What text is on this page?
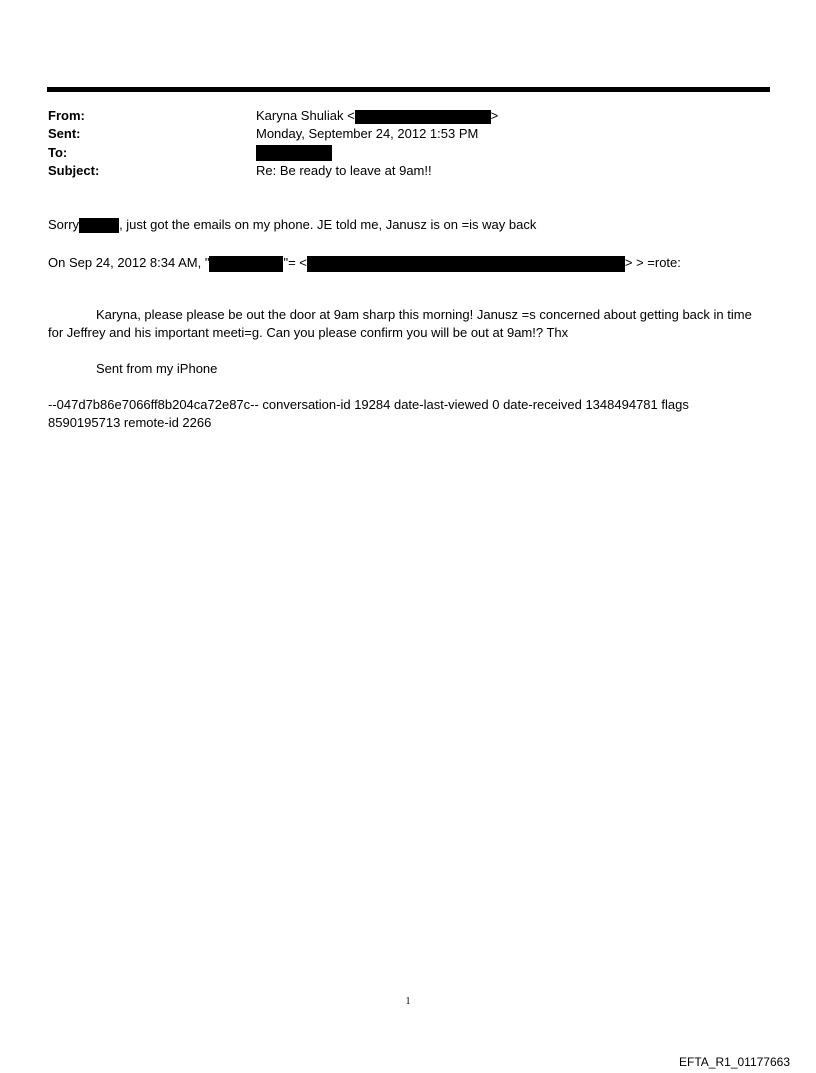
From:	Karyna Shuliak <	>
Sent:	Monday, September 24, 2012 1:53 PM
To:
Subject:	Re: Be ready to leave at 9am!!
Sorry	, just got the emails on my phone. JE told me, Janusz is on =is way back
On Sep 24, 2012 8:34 AM, "	"= <	> > =rote:
Karyna, please please be out the door at 9am sharp this morning! Janusz =s concerned about getting back in time for Jeffrey and his important meeti=g. Can you please confirm you will be out at 9am!? Thx
Sent from my iPhone
--047d7b86e7066ff8b204ca72e87c-- conversation-id 19284 date-last-viewed 0 date-received 1348494781 flags
8590195713 remote-id 2266
1
EFTA_R1_01177663
